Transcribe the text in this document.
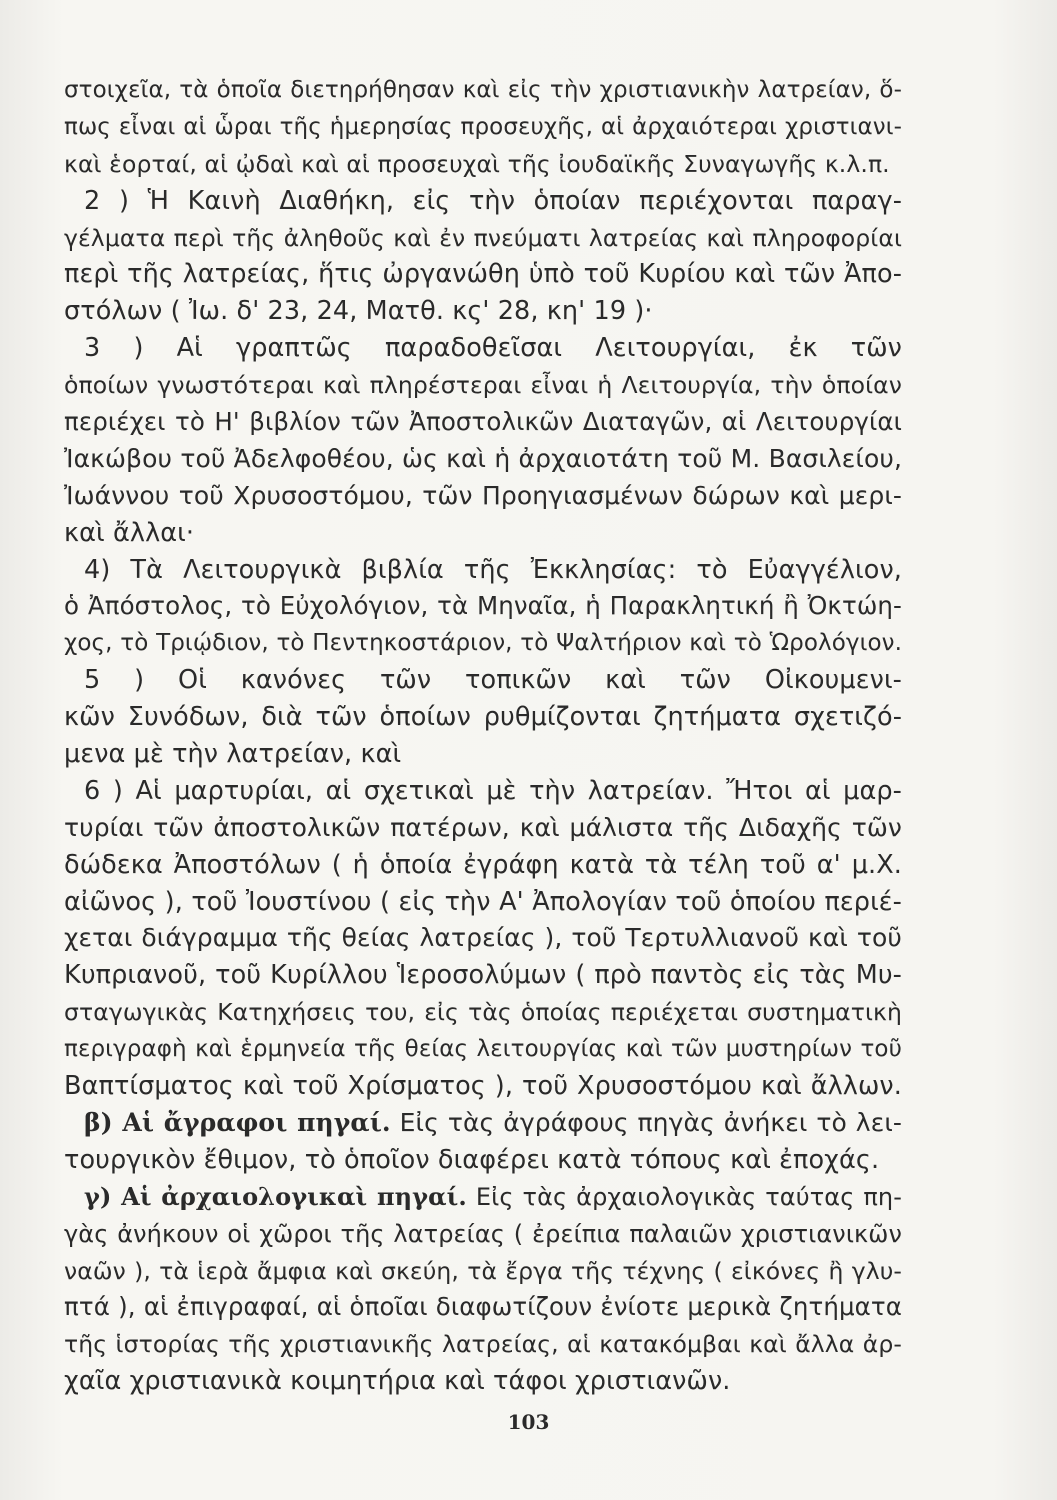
στοιχεῖα, τὰ ὁποῖα διετηρήθησαν καὶ εἰς τὴν χριστιανικὴν λατρείαν, ὅ-
πως εἶναι αἱ ὧραι τῆς ἡμερησίας προσευχῆς, αἱ ἀρχαιότεραι χριστιανι-
καὶ ἑορταί, αἱ ᾠδαὶ καὶ αἱ προσευχαὶ τῆς ἰουδαϊκῆς Συναγωγῆς κ.λ.π.
2 ) Ἡ Καινὴ Διαθήκη, εἰς τὴν ὁποίαν περιέχονται παραγ-
γέλματα περὶ τῆς ἀληθοῦς καὶ ἐν πνεύματι λατρείας καὶ πληροφορίαι
περὶ τῆς λατρείας, ἥτις ὠργανώθη ὑπὸ τοῦ Κυρίου καὶ τῶν Ἀπο-
στόλων ( Ἰω. δ' 23, 24, Ματθ. κς' 28, κη' 19 )·
3 ) Αἱ γραπτῶς παραδοθεῖσαι Λειτουργίαι, ἐκ τῶν
ὁποίων γνωστότεραι καὶ πληρέστεραι εἶναι ἡ Λειτουργία, τὴν ὁποίαν
περιέχει τὸ Η' βιβλίον τῶν Ἀποστολικῶν Διαταγῶν, αἱ Λειτουργίαι
Ἰακώβου τοῦ Ἀδελφοθέου, ὡς καὶ ἡ ἀρχαιοτάτη τοῦ Μ. Βασιλείου,
Ἰωάννου τοῦ Χρυσοστόμου, τῶν Προηγιασμένων δώρων καὶ μερι-
καὶ ἄλλαι·
4) Τὰ Λειτουργικὰ βιβλία τῆς Ἐκκλησίας: τὸ Εὐαγγέλιον,
ὁ Ἀπόστολος, τὸ Εὐχολόγιον, τὰ Μηναῖα, ἡ Παρακλητική ἢ Ὀκτώη-
χος, τὸ Τριῴδιον, τὸ Πεντηκοστάριον, τὸ Ψαλτήριον καὶ τὸ Ὡρολόγιον.
5 ) Οἱ κανόνες τῶν τοπικῶν καὶ τῶν Οἰκουμενι-
κῶν Συνόδων, διὰ τῶν ὁποίων ρυθμίζονται ζητήματα σχετιζό-
μενα μὲ τὴν λατρείαν, καὶ
6 ) Αἱ μαρτυρίαι, αἱ σχετικαὶ μὲ τὴν λατρείαν. Ἤτοι αἱ μαρ-
τυρίαι τῶν ἀποστολικῶν πατέρων, καὶ μάλιστα τῆς Διδαχῆς τῶν
δώδεκα Ἀποστόλων ( ἡ ὁποία ἐγράφη κατὰ τὰ τέλη τοῦ α' μ.Χ.
αἰῶνος ), τοῦ Ἰουστίνου ( εἰς τὴν Α' Ἀπολογίαν τοῦ ὁποίου περιέ-
χεται διάγραμμα τῆς θείας λατρείας ), τοῦ Τερτυλλιανοῦ καὶ τοῦ
Κυπριανοῦ, τοῦ Κυρίλλου Ἱεροσολύμων ( πρὸ παντὸς εἰς τὰς Μυ-
σταγωγικὰς Κατηχήσεις του, εἰς τὰς ὁποίας περιέχεται συστηματικὴ
περιγραφὴ καὶ ἑρμηνεία τῆς θείας λειτουργίας καὶ τῶν μυστηρίων τοῦ
Βαπτίσματος καὶ τοῦ Χρίσματος ), τοῦ Χρυσοστόμου καὶ ἄλλων.
β) Αἱ ἄγραφοι πηγαί. Εἰς τὰς ἀγράφους πηγὰς ἀνήκει τὸ λει-
τουργικὸν ἔθιμον, τὸ ὁποῖον διαφέρει κατὰ τόπους καὶ ἐποχάς.
γ) Αἱ ἀρχαιολογικαὶ πηγαί. Εἰς τὰς ἀρχαιολογικὰς ταύτας πη-
γὰς ἀνήκουν οἱ χῶροι τῆς λατρείας ( ἐρείπια παλαιῶν χριστιανικῶν
ναῶν ), τὰ ἱερὰ ἄμφια καὶ σκεύη, τὰ ἔργα τῆς τέχνης ( εἰκόνες ἢ γλυ-
πτά ), αἱ ἐπιγραφαί, αἱ ὁποῖαι διαφωτίζουν ἐνίοτε μερικὰ ζητήματα
τῆς ἱστορίας τῆς χριστιανικῆς λατρείας, αἱ κατακόμβαι καὶ ἄλλα ἀρ-
χαῖα χριστιανικὰ κοιμητήρια καὶ τάφοι χριστιανῶν.
103
